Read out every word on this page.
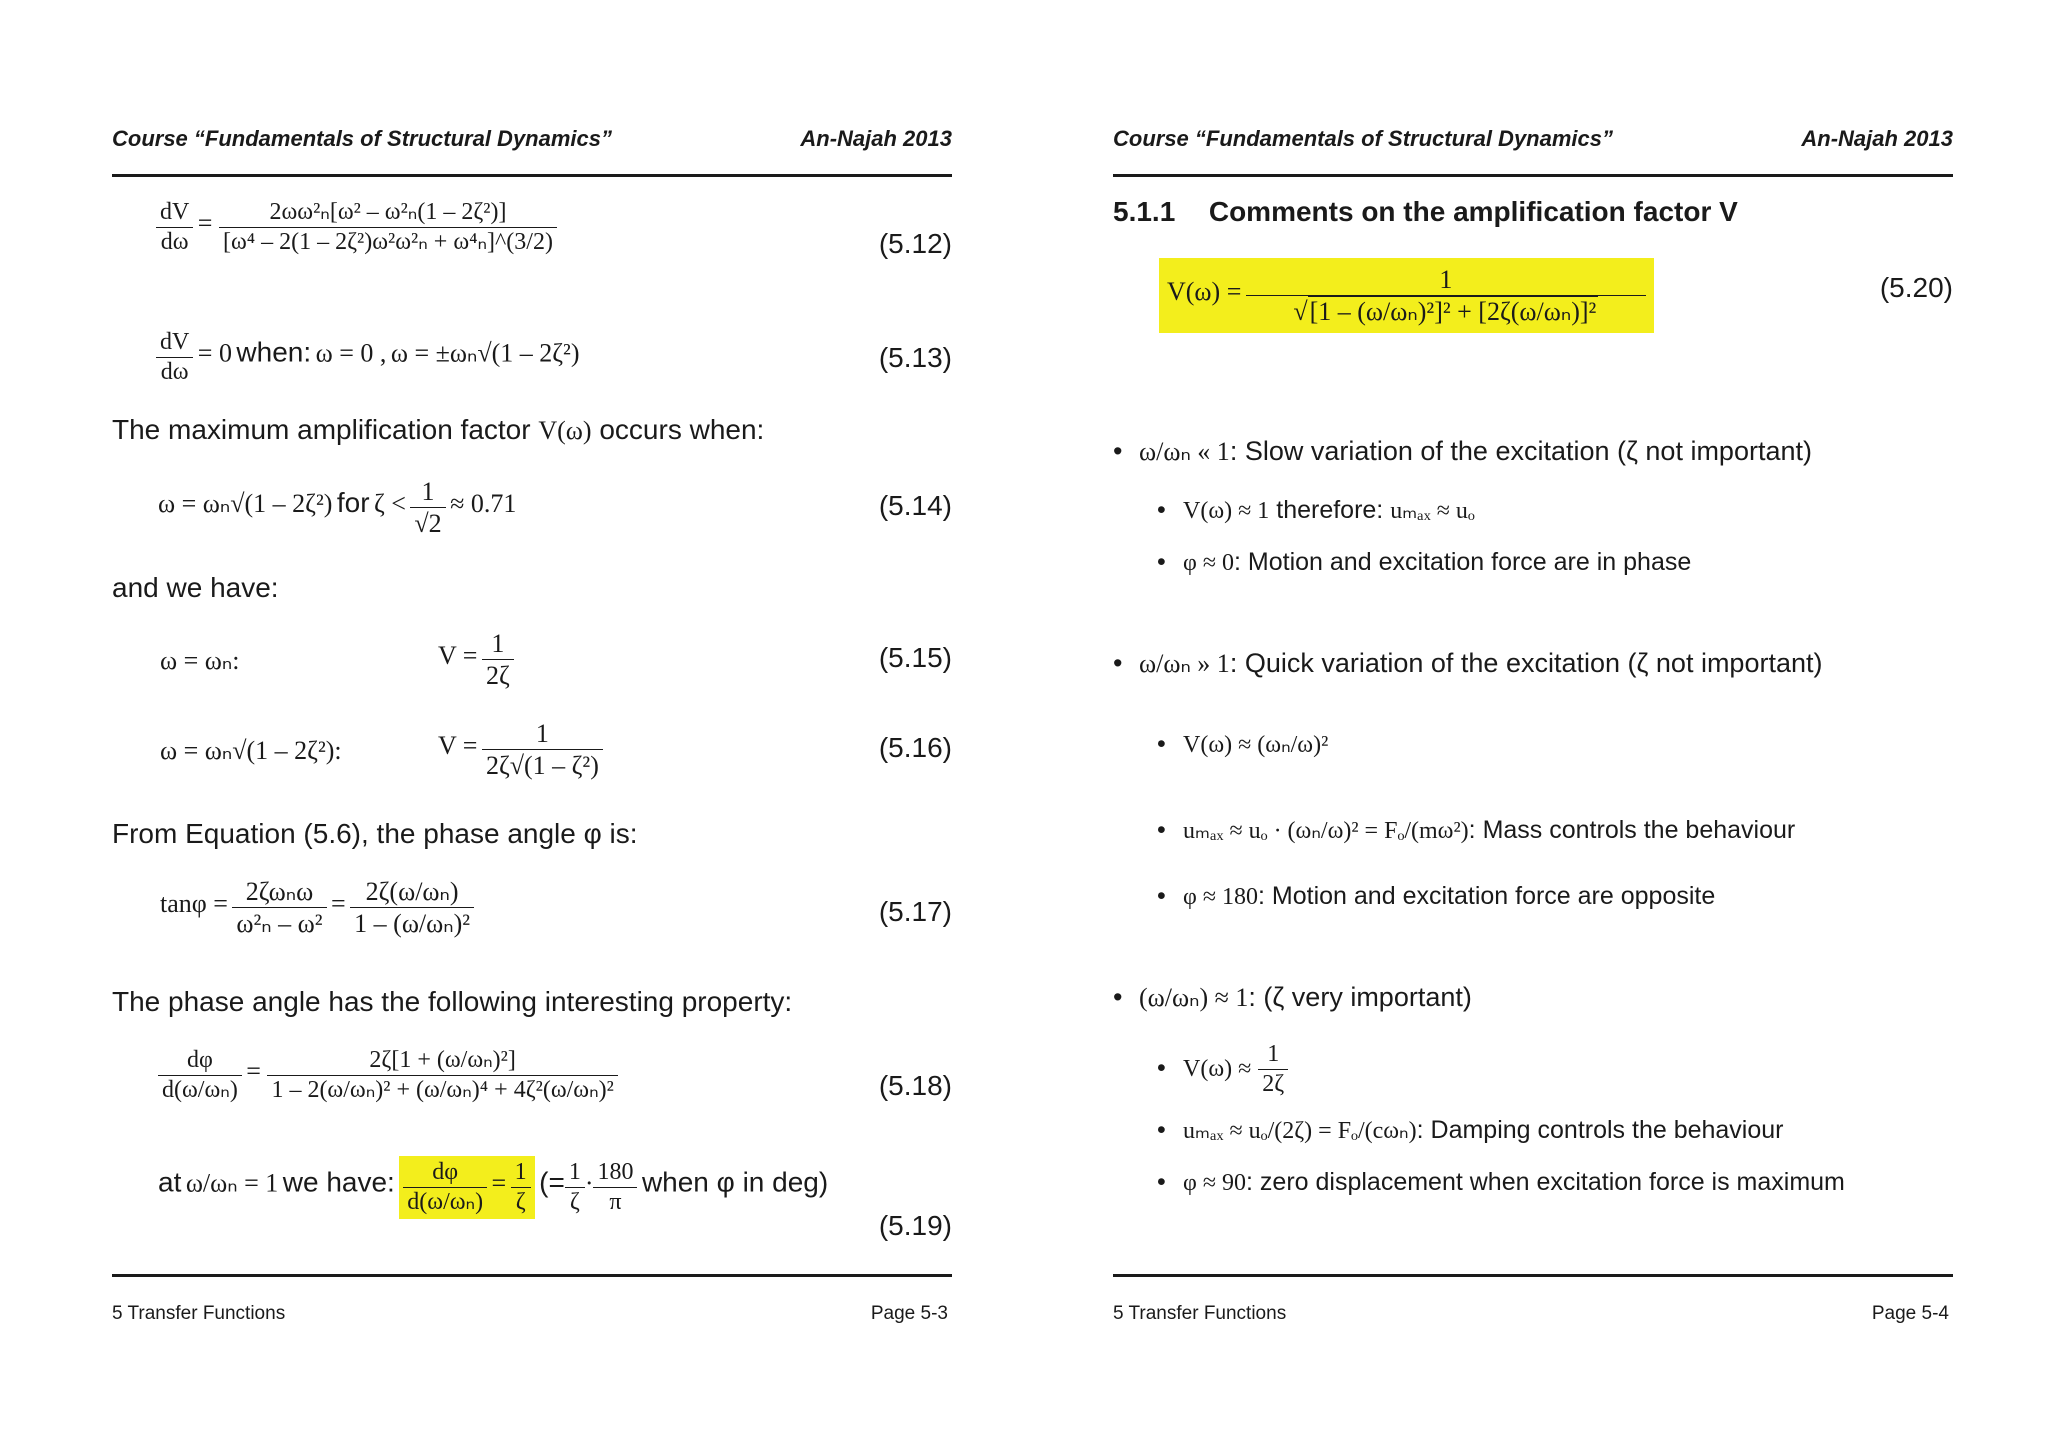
Course “Fundamentals of Structural Dynamics”	An-Najah 2013
$\frac{dV}{d\omega} = \frac{\text{2ωω²ₙ[ω² – ω²ₙ(1 – 2ζ²)]}}{\text{[ω⁴ – 2(1 – 2ζ²)ω²ω²ₙ + ω⁴ₙ]\textasciicircum{}(3/2)}}$	(5.12)
$\frac{dV}{d\omega} = 0$ when: ω = 0 , ω = ±ωₙ√(1 – 2ζ²)	(5.13)
The maximum amplification factor V(ω) occurs when:
ω = ωₙ√(1 – 2ζ²) for $\zeta < \frac{1}{√2} \approx 0.71$	(5.14)
and we have:
ω = ωₙ:	$V = \frac{1}{2\zeta}$	(5.15)
ω = ωₙ√(1 – 2ζ²):	$V = \frac{1}{\text{2ζ√(1 – ζ²)}}$	(5.16)
From Equation (5.6), the phase angle φ is:
$\tan\varphi = \frac{\text{2ζωₙω}}{\text{ω²ₙ – ω²}} = \frac{\text{2ζ(ω/ωₙ)}}{\text{1 – (ω/ωₙ)²}}$	(5.17)
The phase angle has the following interesting property:
$\frac{d\varphi}{\text{d(ω/ωₙ)}} = \frac{\text{2ζ[1 + (ω/ωₙ)²]}}{\text{1 – 2(ω/ωₙ)² + (ω/ωₙ)⁴ + 4ζ²(ω/ωₙ)²}}$	(5.18)
at ω/ωₙ = 1 we have: $\frac{d\varphi}{\text{d(ω/ωₙ)}} = \frac{1}{\zeta}$ (= $\frac{1}{\zeta} \cdot \frac{180}{\pi}$ when φ in deg)
(5.19)
5 Transfer Functions	Page 5-3
Course “Fundamentals of Structural Dynamics”	An-Najah 2013
5.1.1 Comments on the amplification factor V
$V(\omega) = \frac{1}{\text{√[1 – (ω/ωₙ)²]² + [2ζ(ω/ωₙ)]²}}$	(5.20)
• ω/ωₙ « 1: Slow variation of the excitation (ζ not important)
• V(ω) ≈ 1 therefore: uₘₐₓ ≈ uₒ
• φ ≈ 0: Motion and excitation force are in phase
• ω/ωₙ » 1: Quick variation of the excitation (ζ not important)
• V(ω) ≈ (ωₙ/ω)²
• uₘₐₓ ≈ uₒ · (ωₙ/ω)² = Fₒ/(mω²): Mass controls the behaviour
• φ ≈ 180: Motion and excitation force are opposite
• (ω/ωₙ) ≈ 1: (ζ very important)
• $V(\omega) \approx \frac{1}{2\zeta}$
• uₘₐₓ ≈ uₒ/(2ζ) = Fₒ/(cωₙ): Damping controls the behaviour
• φ ≈ 90: zero displacement when excitation force is maximum
5 Transfer Functions	Page 5-4
